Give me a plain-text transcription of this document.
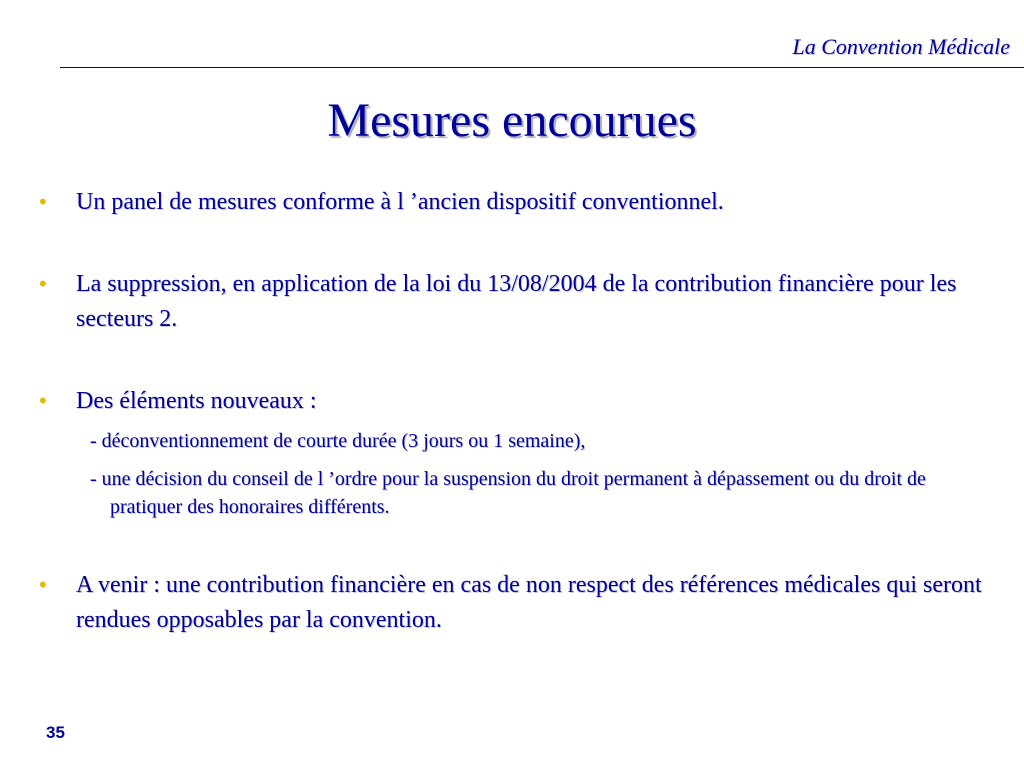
La Convention Médicale
Mesures encourues
• Un panel de mesures conforme à l ’ancien dispositif conventionnel.
• La suppression, en application de la loi du 13/08/2004 de la contribution financière pour les secteurs 2.
• Des éléments nouveaux :
- déconventionnement de courte durée (3 jours ou 1 semaine),
- une décision du conseil de l ’ordre pour la suspension du droit permanent à dépassement ou du droit de pratiquer des honoraires différents.
• A venir : une contribution financière en cas de non respect des références médicales qui seront rendues opposables par la convention.
35
